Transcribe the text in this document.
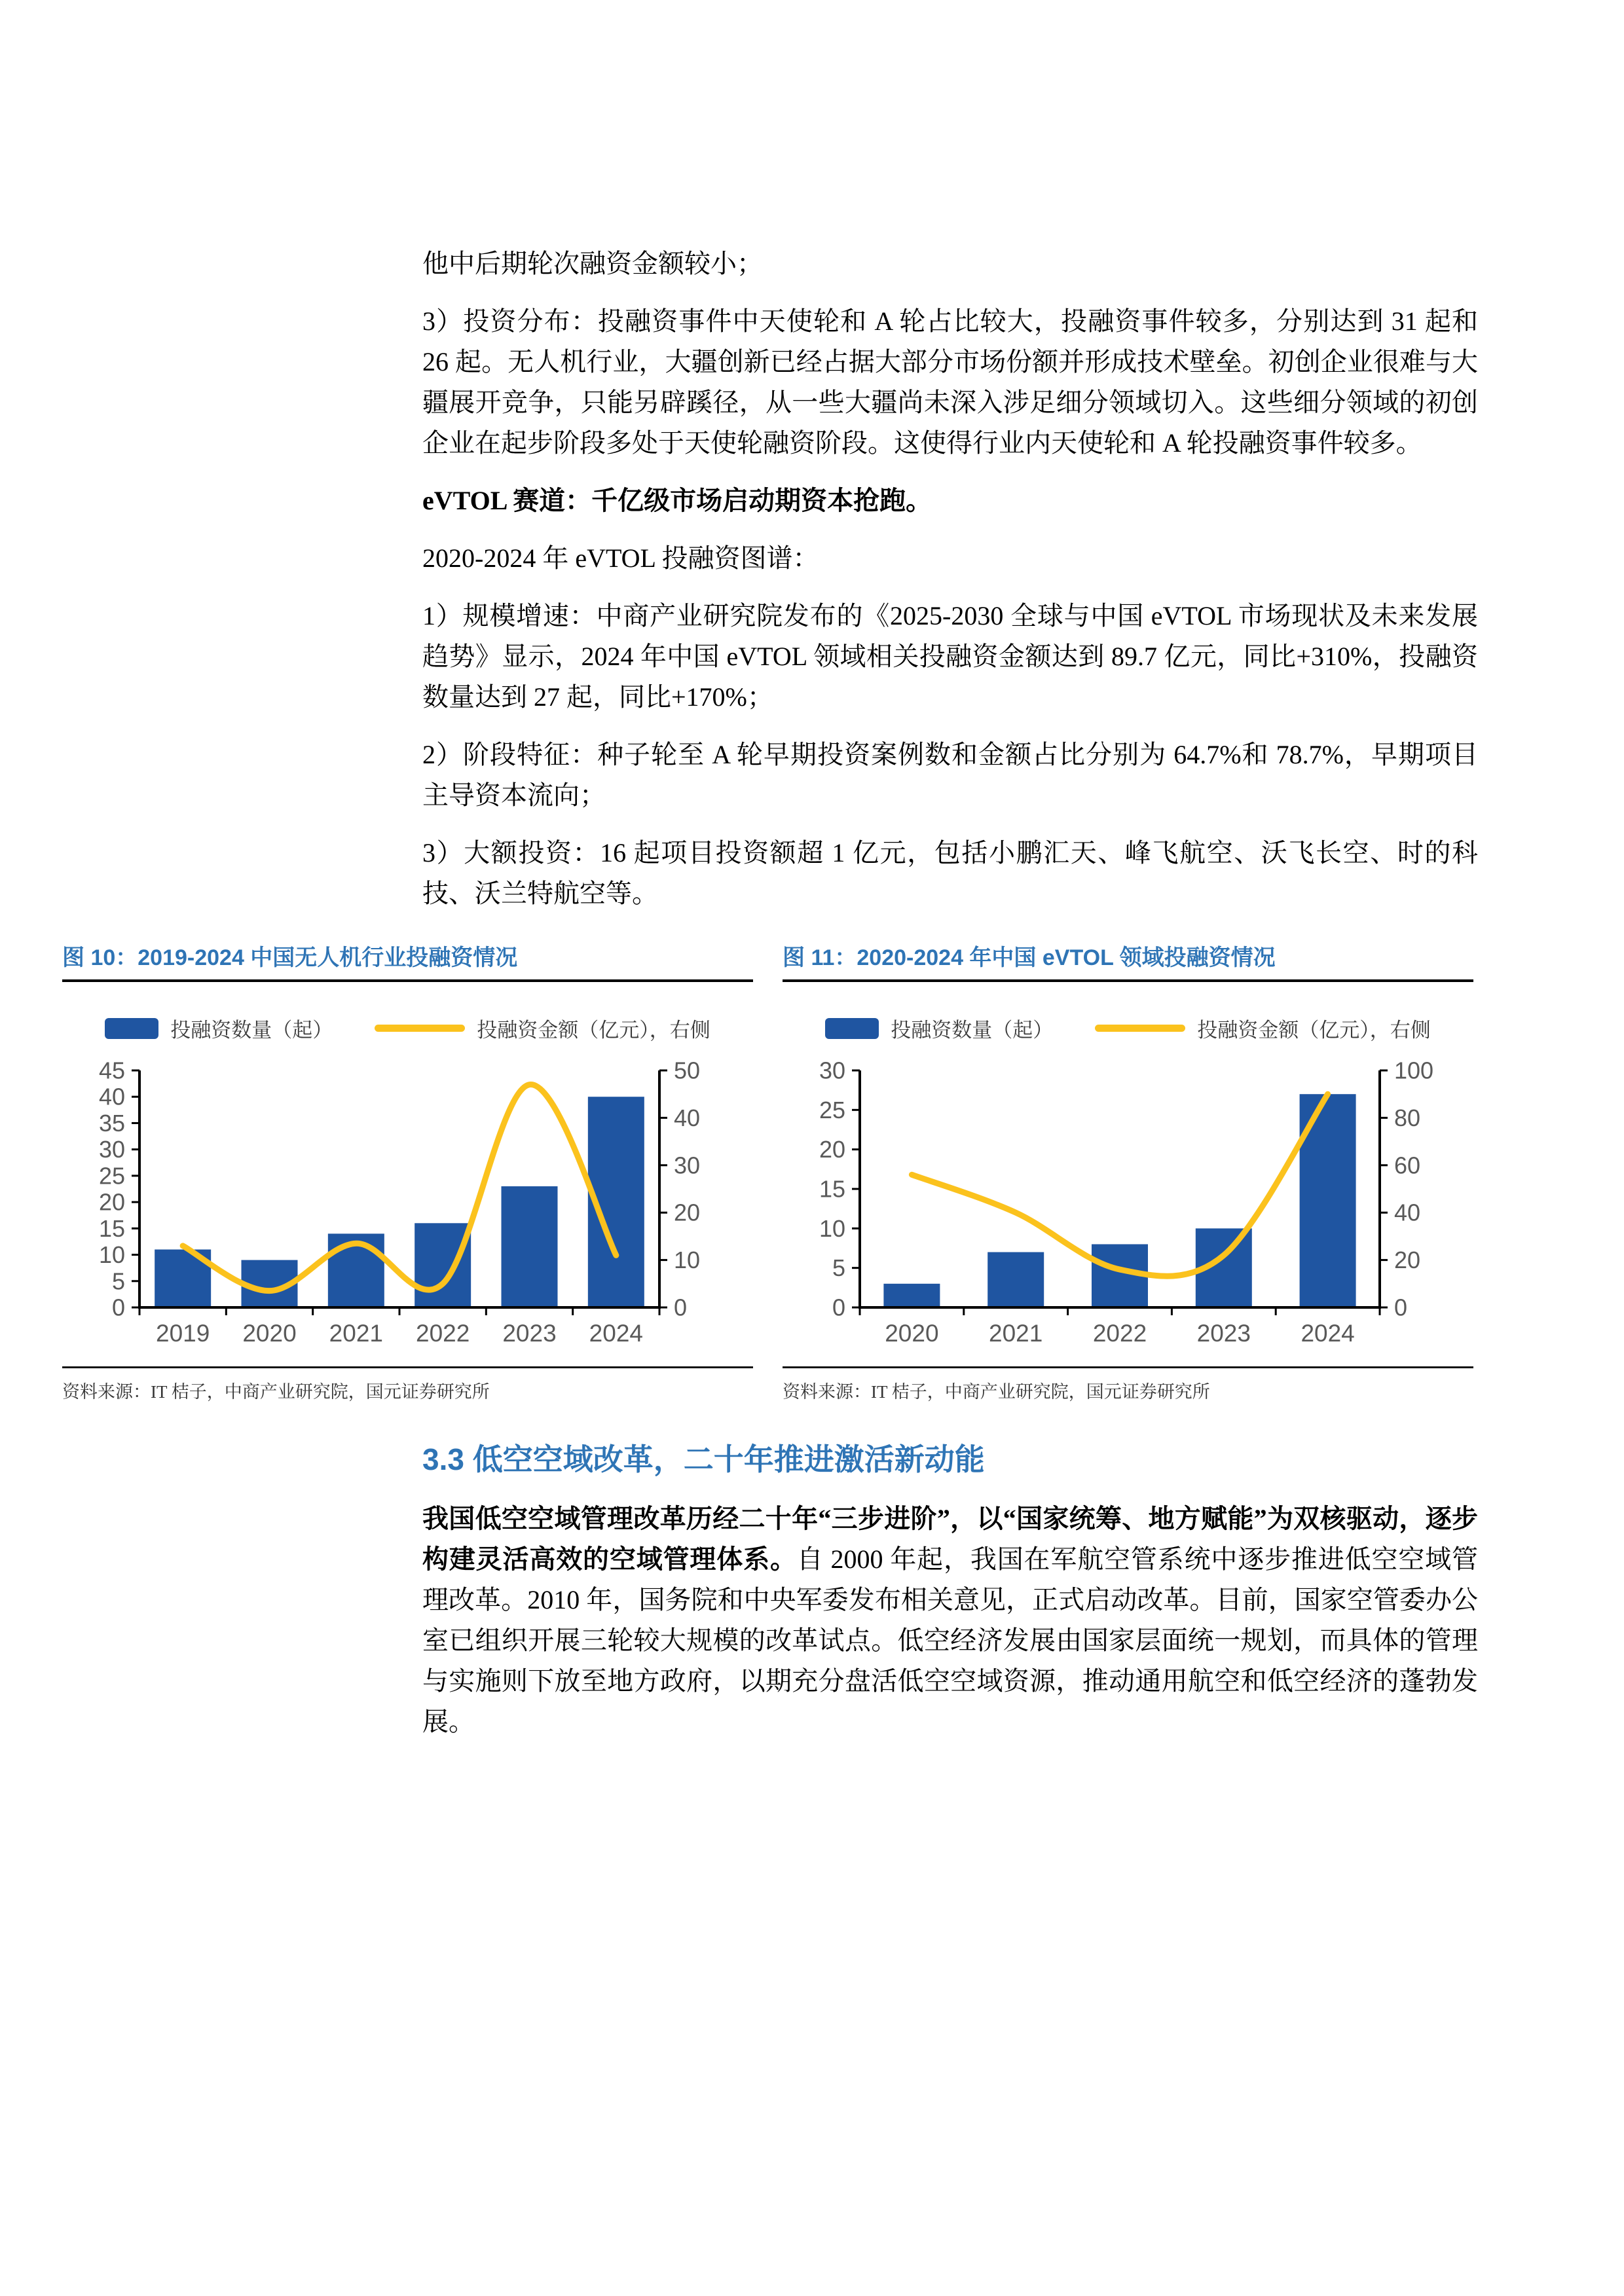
他中后期轮次融资金额较小；

3）投资分布：投融资事件中天使轮和 A 轮占比较大，投融资事件较多，分别达到 31 起和 26 起。无人机行业，大疆创新已经占据大部分市场份额并形成技术壁垒。初创企业很难与大疆展开竞争，只能另辟蹊径，从一些大疆尚未深入涉足细分领域切入。这些细分领域的初创企业在起步阶段多处于天使轮融资阶段。这使得行业内天使轮和 A 轮投融资事件较多。

eVTOL 赛道：千亿级市场启动期资本抢跑。

2020-2024 年 eVTOL 投融资图谱：

1）规模增速：中商产业研究院发布的《2025-2030 全球与中国 eVTOL 市场现状及未来发展趋势》显示，2024 年中国 eVTOL 领域相关投融资金额达到 89.7 亿元，同比+310%，投融资数量达到 27 起，同比+170%；

2）阶段特征：种子轮至 A 轮早期投资案例数和金额占比分别为 64.7%和 78.7%，早期项目主导资本流向；

3）大额投资：16 起项目投资额超 1 亿元，包括小鹏汇天、峰飞航空、沃飞长空、时的科技、沃兰特航空等。

图 10：2019-2024 中国无人机行业投融资情况
投融资数量（起）	投融资金额（亿元），右侧
0
5
10
15
20
25
30
35
40
45
0
10
20
30
40
50
2019 2020 2021 2022 2023 2024
资料来源：IT 桔子，中商产业研究院，国元证券研究所
图 11：2020-2024 年中国 eVTOL 领域投融资情况
投融资数量（起）	投融资金额（亿元），右侧
0
5
10
15
20
25
30
0
20
40
60
80
100
2020 2021 2022 2023 2024
资料来源：IT 桔子，中商产业研究院，国元证券研究所
3.3 低空空域改革，二十年推进激活新动能

我国低空空域管理改革历经二十年“三步进阶”，以“国家统筹、地方赋能”为双核驱动，逐步构建灵活高效的空域管理体系。自 2000 年起，我国在军航空管系统中逐步推进低空空域管理改革。2010 年，国务院和中央军委发布相关意见，正式启动改革。目前，国家空管委办公室已组织开展三轮较大规模的改革试点。低空经济发展由国家层面统一规划，而具体的管理与实施则下放至地方政府，以期充分盘活低空空域资源，推动通用航空和低空经济的蓬勃发展。
